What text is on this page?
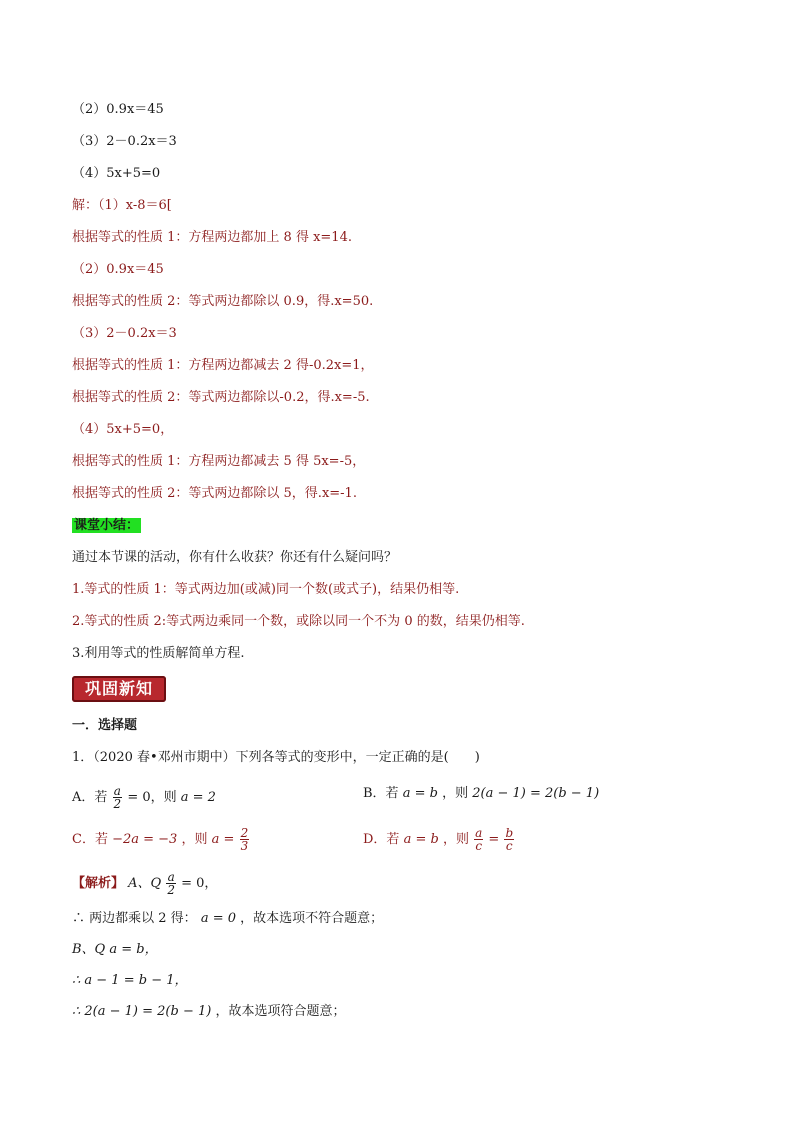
（2）0.9x＝45
（3）2－0.2x＝3
（4）5x+5=0
解：（1）x-8＝6[
根据等式的性质 1：方程两边都加上 8 得 x=14.
（2）0.9x＝45
根据等式的性质 2：等式两边都除以 0.9，得.x=50.
（3）2－0.2x＝3
根据等式的性质 1：方程两边都减去 2 得-0.2x=1，
根据等式的性质 2：等式两边都除以-0.2，得.x=-5.
（4）5x+5=0，
根据等式的性质 1：方程两边都减去 5 得 5x=-5，
根据等式的性质 2：等式两边都除以 5，得.x=-1.
课堂小结：
通过本节课的活动，你有什么收获？你还有什么疑问吗？
1.等式的性质 1：等式两边加(或减)同一个数(或式子)，结果仍相等.
2.等式的性质 2:等式两边乘同一个数，或除以同一个不为 0 的数，结果仍相等.
3.利用等式的性质解简单方程.
巩固新知
一．选择题
1．（2020 春•邓州市期中）下列各等式的变形中，一定正确的是(　　)
A．若 $\frac{a}{2} = 0$，则 a = 2	B．若 a = b ，则 2(a − 1) = 2(b − 1)
C．若 −2a = −3 ，则 $a = \frac{2}{3}$	D．若 a = b ，则 $\frac{a}{c} = \frac{b}{c}$
【解析】 A、Q $\frac{a}{2} = 0$，
∴ 两边都乘以 2 得： a = 0 ，故本选项不符合题意；
B、Q a = b，
∴ a − 1 = b − 1，
∴ 2(a − 1) = 2(b − 1) ，故本选项符合题意；
